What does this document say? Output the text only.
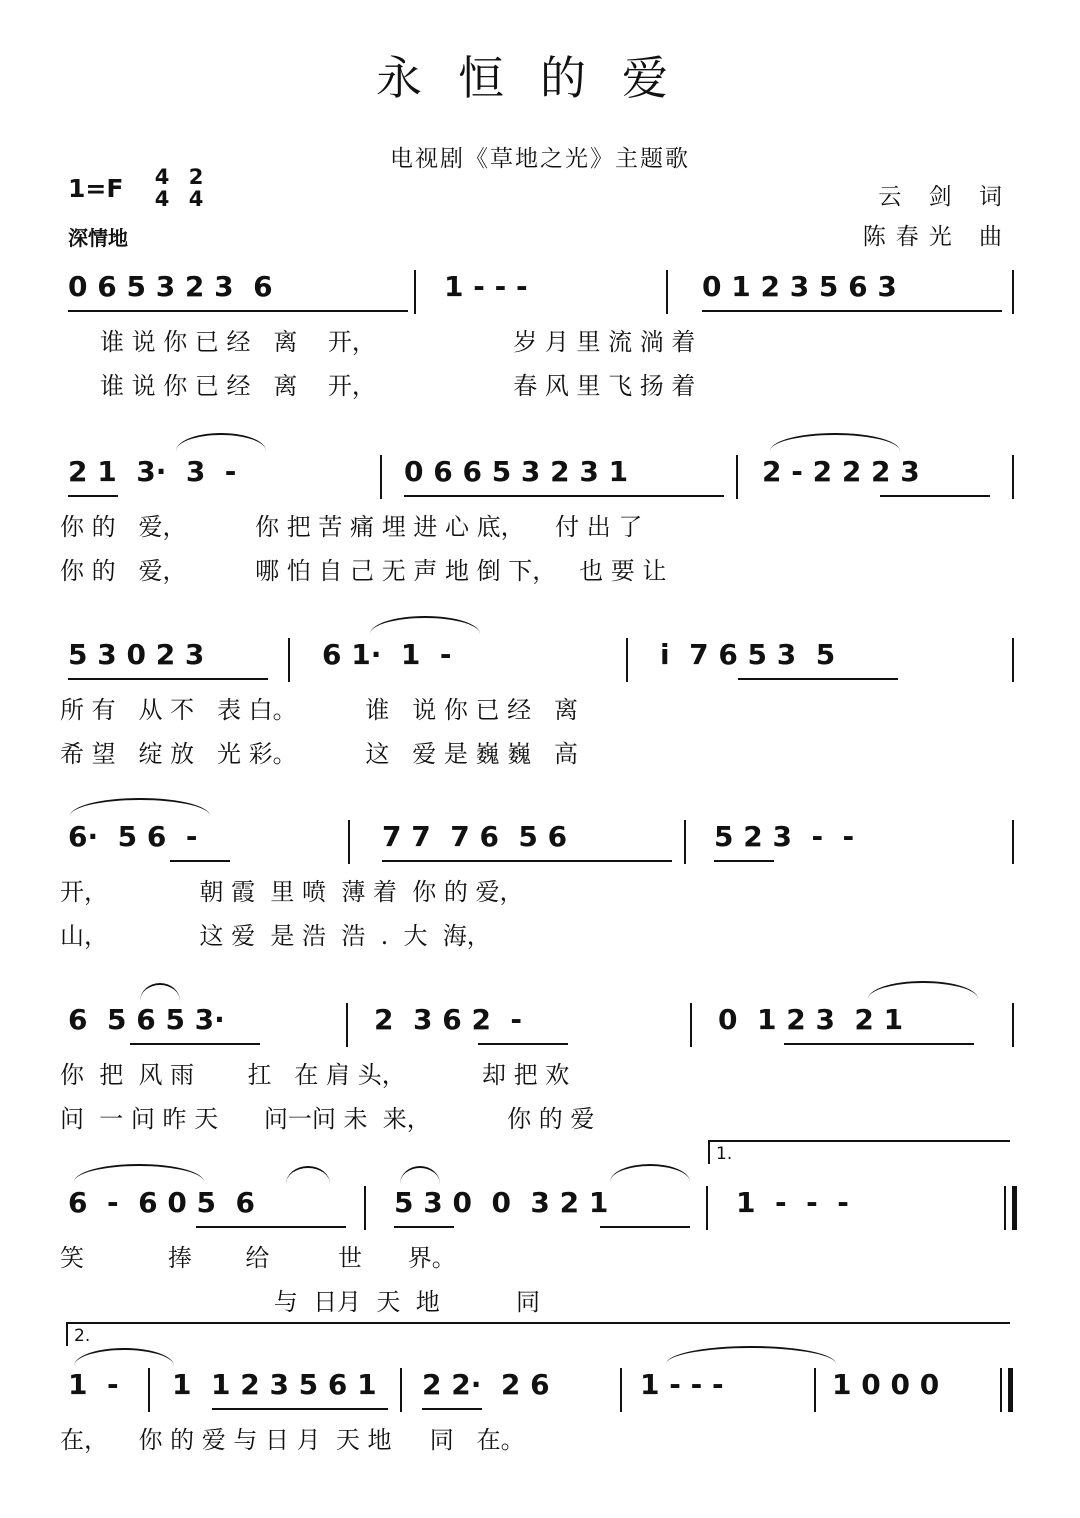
永恒的爱
电视剧《草地之光》主题歌
1=F 4
4
2
4
深情地
云 剑 词
陈春光 曲
0 6 5 3 2 3  6	1 - - -	0 1 2 3 5 6 3
谁 说 你 已 经   离    开，                  岁 月 里 流 淌 着
谁 说 你 已 经   离    开，                  春 风 里 飞 扬 着
2 1  3·  3  -	0 6 6 5 3 2 3 1	2 - 2 2 2 3
你 的   爱，         你 把 苦 痛 埋 进 心 底，    付 出 了
你 的   爱，         哪 怕 自 己 无 声 地 倒 下，   也 要 让
5 3 0 2 3	6 1·  1  -	i  7 6 5 3  5
所 有   从 不   表 白。         谁   说 你 已 经   离
希 望   绽 放   光 彩。         这   爱 是 巍 巍   高
6·  5 6  -	7 7  7 6  5 6	5 2 3  -  -
开，            朝 霞  里 喷  薄 着  你 的 爱，
山，            这 爱  是 浩  浩  .  大  海，
6  5 6 5 3·	2  3 6 2  -	0  1 2 3  2 1
你  把  风 雨       扛   在 肩 头，          却 把 欢
问  一 问 昨 天      问一问 未  来，          你 的 爱
1.
6  -  6 0 5  6	5 3 0  0  3 2 1	1  -  -  -
笑           捧       给         世      界。
与  日月  天  地          同
2.
1  - 1  1 2 3 5 6 1 2 2·  2 6	1 - - -	1 0 0 0
在，    你 的 爱 与 日 月  天 地     同   在。
